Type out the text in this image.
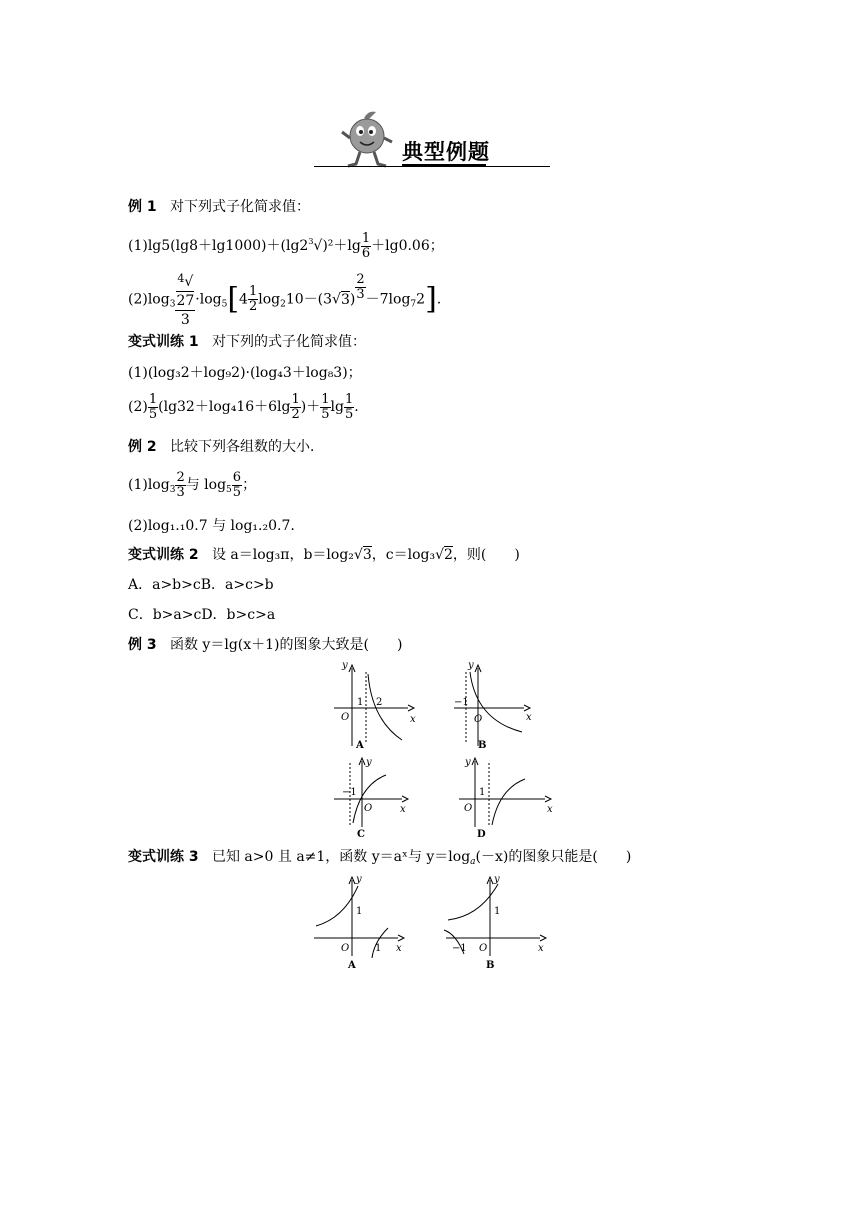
典型例题
例 1 对下列式子化简求值：
$(1)\lg 5(\lg 8+\lg 1000)+(\lg 2^3√)^2+\lg \frac{1}{6} +\lg 0.06$；
$(2)\log_3$ $^4$√
27
$3 \cdot\log_5[4 \frac{1}{2} \log_210-(3√3) \frac{2}{3} -7\log_72]$.
变式训练 1 对下列的式子化简求值：
(1)(log₃2＋log₉2)·(log₄3＋log₈3)；
$(2) \frac{1}{5} (\lg 32+\log_416+6\lg \frac{1}{2}$ )＋ $\frac{1}{5}$ $\lg \frac{1}{5}$ .
例 2 比较下列各组数的大小．
$(1)\log_3 \frac{2}{3}$ 与 $\log_5 \frac{6}{5}$ ；
(2)log₁.₁0.7 与 log₁.₂0.7.
变式训练 2 设 a＝log₃π，b＝log₂√3，c＝log₃√2，则(　　)
A．a>b>cB．a>c>b
C．b>a>cD．b>c>a
例 3 函数 y＝lg(x＋1)的图象大致是(　　)
y
x
O
1 2
A
y
x
O
−1
B
y
x
O
−1
C
y
x
O
1
D
变式训练 3 已知 a>0 且 a≠1，函数 y＝aˣ与 $y=\log_a(-x)$的图象只能是(　　)
y
x
O
1
1
A
y
x
O
1
−1
B
